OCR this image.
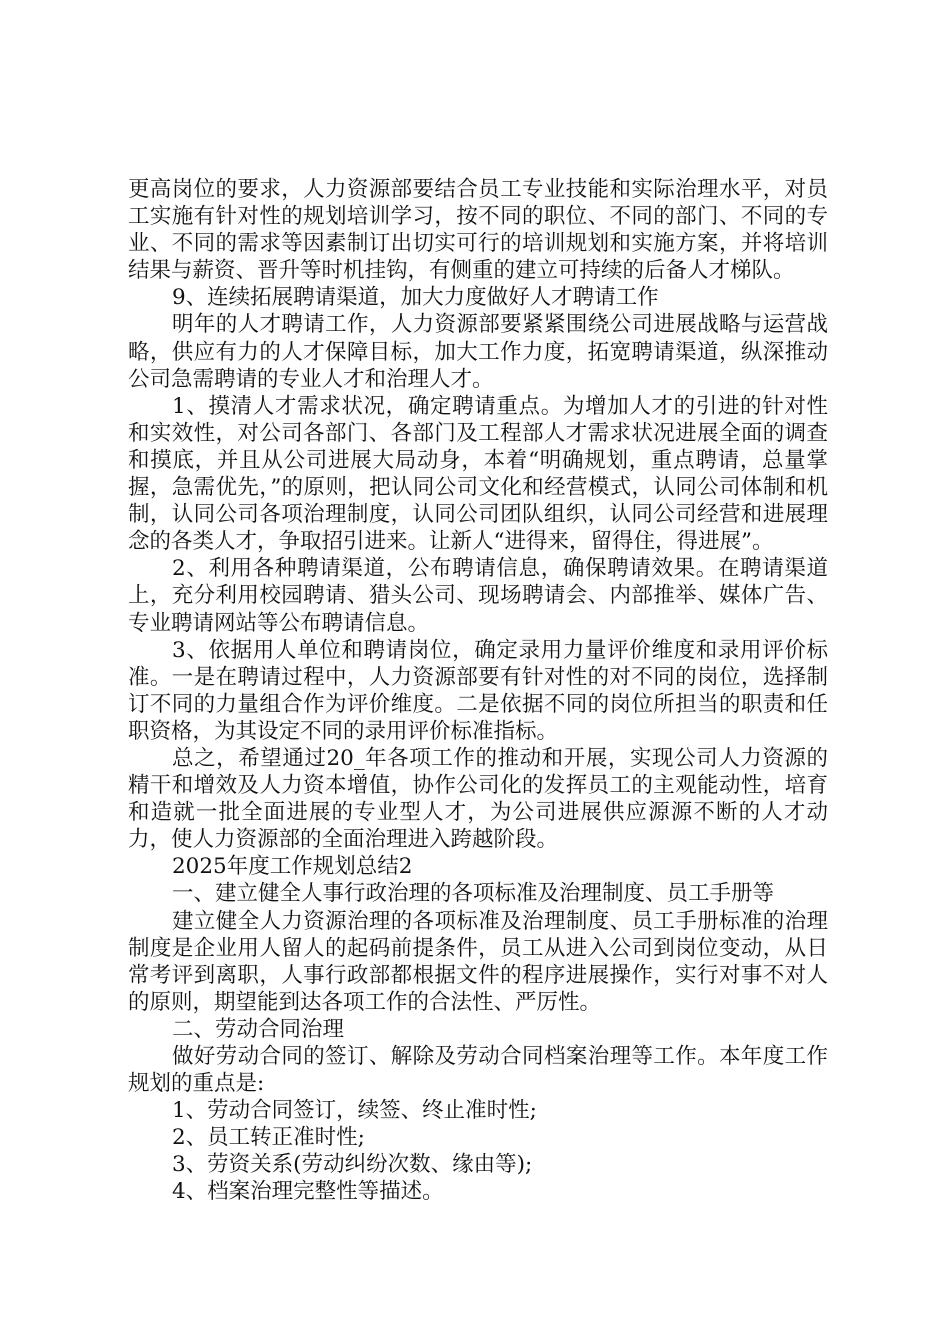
更高岗位的要求，人力资源部要结合员工专业技能和实际治理水平，对员工实施有针对性的规划培训学习，按不同的职位、不同的部门、不同的专业、不同的需求等因素制订出切实可行的培训规划和实施方案，并将培训结果与薪资、晋升等时机挂钩，有侧重的建立可持续的后备人才梯队。

9、连续拓展聘请渠道，加大力度做好人才聘请工作

明年的人才聘请工作，人力资源部要紧紧围绕公司进展战略与运营战略，供应有力的人才保障目标，加大工作力度，拓宽聘请渠道，纵深推动公司急需聘请的专业人才和治理人才。

1、摸清人才需求状况，确定聘请重点。为增加人才的引进的针对性和实效性，对公司各部门、各部门及工程部人才需求状况进展全面的调查和摸底，并且从公司进展大局动身，本着“明确规划，重点聘请，总量掌握，急需优先，”的原则，把认同公司文化和经营模式，认同公司体制和机制，认同公司各项治理制度，认同公司团队组织，认同公司经营和进展理念的各类人才，争取招引进来。让新人“进得来，留得住，得进展”。

2、利用各种聘请渠道，公布聘请信息，确保聘请效果。在聘请渠道上，充分利用校园聘请、猎头公司、现场聘请会、内部推举、媒体广告、专业聘请网站等公布聘请信息。

3、依据用人单位和聘请岗位，确定录用力量评价维度和录用评价标准。一是在聘请过程中，人力资源部要有针对性的对不同的岗位，选择制订不同的力量组合作为评价维度。二是依据不同的岗位所担当的职责和任职资格，为其设定不同的录用评价标准指标。

总之，希望通过20_年各项工作的推动和开展，实现公司人力资源的精干和增效及人力资本增值，协作公司化的发挥员工的主观能动性，培育和造就一批全面进展的专业型人才，为公司进展供应源源不断的人才动力，使人力资源部的全面治理进入跨越阶段。

2025年度工作规划总结2

一、建立健全人事行政治理的各项标准及治理制度、员工手册等

建立健全人力资源治理的各项标准及治理制度、员工手册标准的治理制度是企业用人留人的起码前提条件，员工从进入公司到岗位变动，从日常考评到离职，人事行政部都根据文件的程序进展操作，实行对事不对人的原则，期望能到达各项工作的合法性、严厉性。

二、劳动合同治理

做好劳动合同的签订、解除及劳动合同档案治理等工作。本年度工作规划的重点是:

1、劳动合同签订，续签、终止准时性;

2、员工转正准时性;

3、劳资关系(劳动纠纷次数、缘由等);

4、档案治理完整性等描述。
